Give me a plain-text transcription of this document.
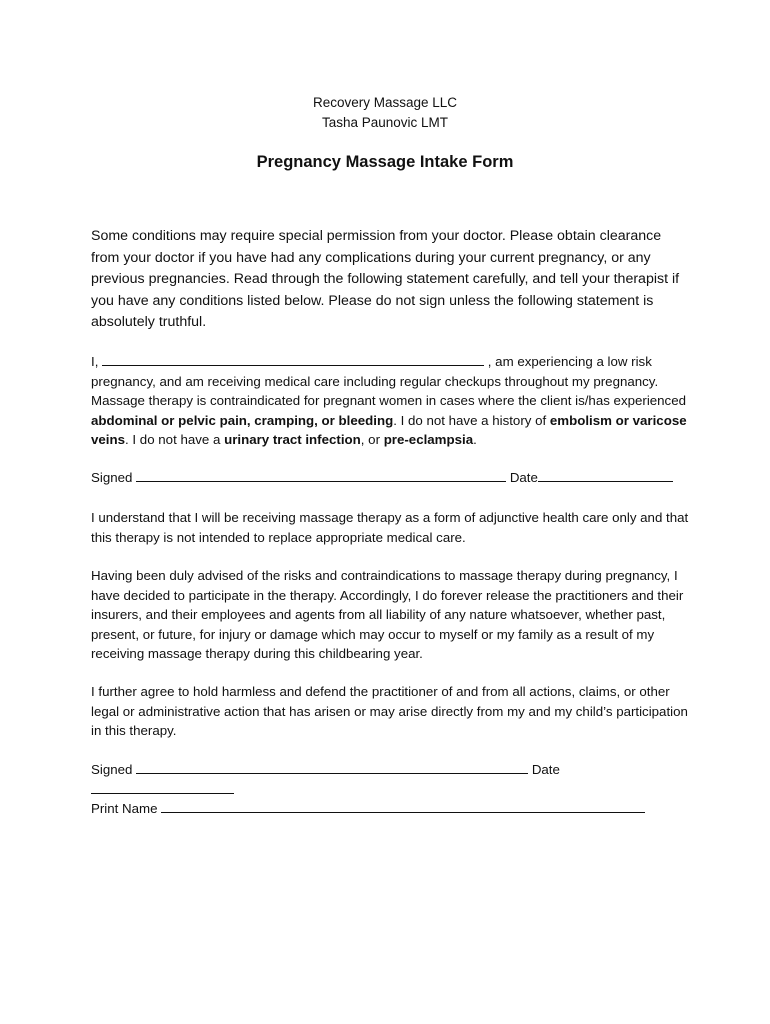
Recovery Massage LLC
Tasha Paunovic LMT
Pregnancy Massage Intake Form

Some conditions may require special permission from your doctor. Please obtain clearance from your doctor if you have had any complications during your current pregnancy, or any previous pregnancies. Read through the following statement carefully, and tell your therapist if you have any conditions listed below. Please do not sign unless the following statement is absolutely truthful.

I,	, am experiencing a low risk pregnancy, and am receiving medical care including regular checkups throughout my pregnancy. Massage therapy is contraindicated for pregnant women in cases where the client is/has experienced abdominal or pelvic pain, cramping, or bleeding. I do not have a history of embolism or varicose veins. I do not have a urinary tract infection, or pre-eclampsia.

Signed	Date

I understand that I will be receiving massage therapy as a form of adjunctive health care only and that this therapy is not intended to replace appropriate medical care.

Having been duly advised of the risks and contraindications to massage therapy during pregnancy, I have decided to participate in the therapy. Accordingly, I do forever release the practitioners and their insurers, and their employees and agents from all liability of any nature whatsoever, whether past, present, or future, for injury or damage which may occur to myself or my family as a result of my receiving massage therapy during this childbearing year.

I further agree to hold harmless and defend the practitioner of and from all actions, claims, or other legal or administrative action that has arisen or may arise directly from my and my child’s participation in this therapy.

Signed	Date

Print Name
